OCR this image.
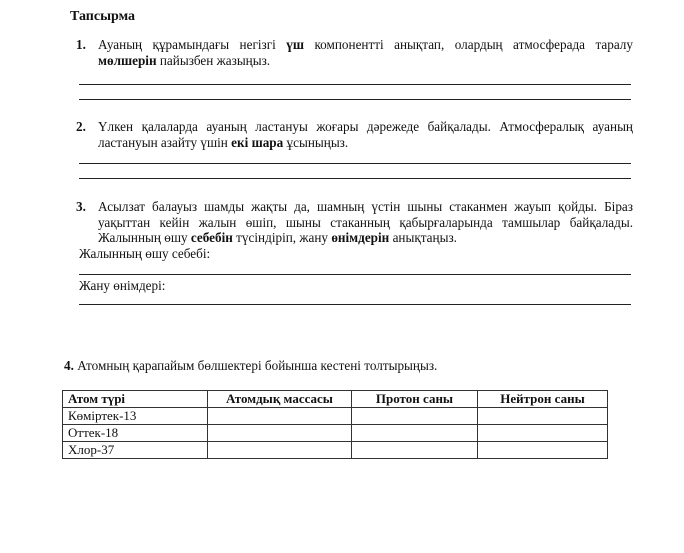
Тапсырма
1. Ауаның құрамындағы негізгі үш компонентті анықтап, олардың атмосферада таралу мөлшерін пайызбен жазыңыз.
2. Үлкен қалаларда ауаның ластануы жоғары дәрежеде байқалады. Атмосфералық ауаның ластануын азайту үшін екі шара ұсыныңыз.
3. Асылзат балауыз шамды жақты да, шамның үстін шыны стаканмен жауып қойды. Біраз уақыттан кейін жалын өшіп, шыны стаканның қабырғаларында тамшылар байқалады. Жалынның өшу себебін түсіндіріп, жану өнімдерін анықтаңыз.
Жалынның өшу себебі:
Жану өнімдері:
4. Атомның қарапайым бөлшектері бойынша кестені толтырыңыз.
Атом түрі	Атомдық массасы	Протон саны	Нейтрон саны
Көміртек-13			
Оттек-18			
Хлор-37			
